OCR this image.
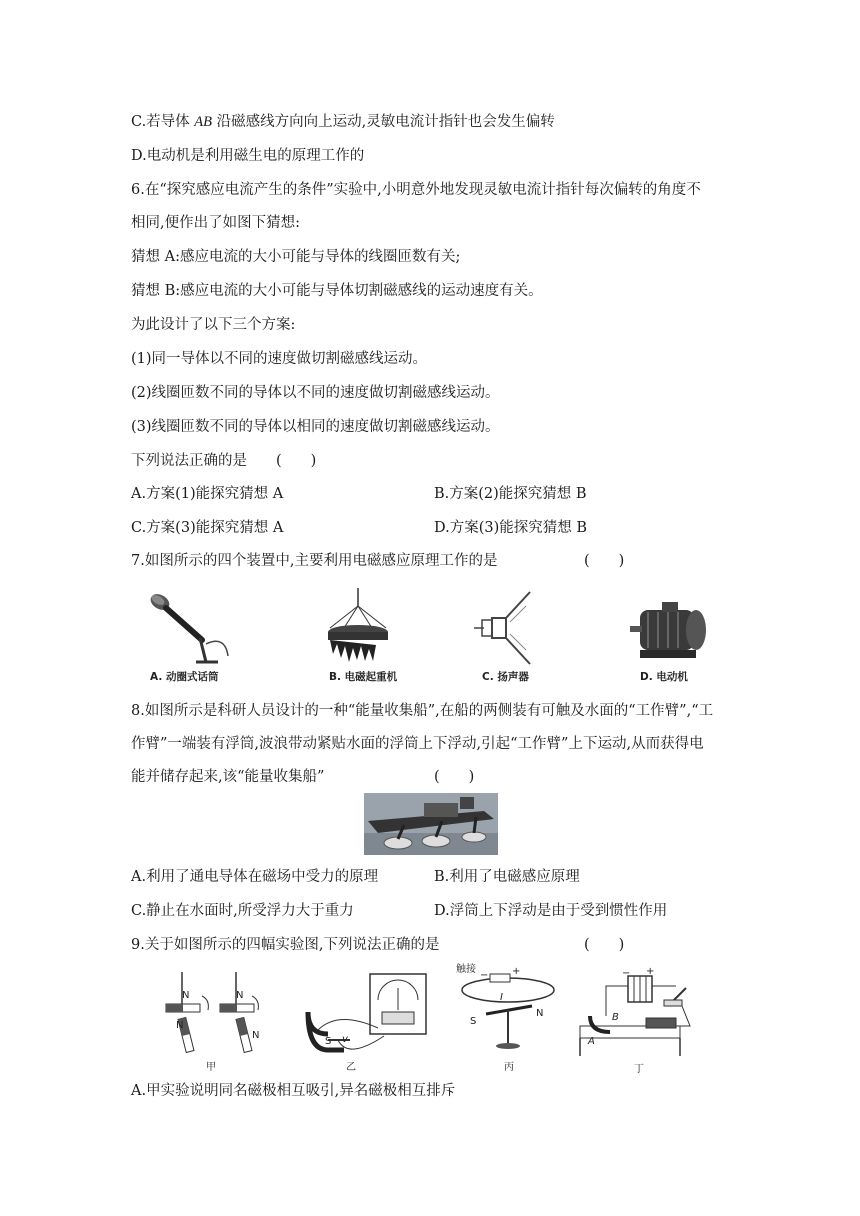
C.若导体 AB 沿磁感线方向向上运动,灵敏电流计指针也会发生偏转
D.电动机是利用磁生电的原理工作的
6.在“探究感应电流产生的条件”实验中,小明意外地发现灵敏电流计指针每次偏转的角度不
相同,便作出了如图下猜想:
猜想 A:感应电流的大小可能与导体的线圈匝数有关;
猜想 B:感应电流的大小可能与导体切割磁感线的运动速度有关。
为此设计了以下三个方案:
(1)同一导体以不同的速度做切割磁感线运动。
(2)线圈匝数不同的导体以不同的速度做切割磁感线运动。
(3)线圈匝数不同的导体以相同的速度做切割磁感线运动。
下列说法正确的是　　(　　)
A.方案(1)能探究猜想 A	B.方案(2)能探究猜想 B
C.方案(3)能探究猜想 A	D.方案(3)能探究猜想 B
7.如图所示的四个装置中,主要利用电磁感应原理工作的是	(　　)
A. 动圈式话筒	B. 电磁起重机	C. 扬声器	D. 电动机
8.如图所示是科研人员设计的一种“能量收集船”,在船的两侧装有可触及水面的“工作臂”,“工
作臂”一端装有浮筒,波浪带动紧贴水面的浮筒上下浮动,引起“工作臂”上下运动,从而获得电
能并储存起来,该“能量收集船”	(　　)
A.利用了通电导体在磁场中受力的原理	B.利用了电磁感应原理
C.静止在水面时,所受浮力大于重力	D.浮筒上下浮动是由于受到惯性作用
9.关于如图所示的四幅实验图,下列说法正确的是	(　　)
N
N
N
N
甲
S v
乙
触接
− +
I
S
N
丙
− +
A
B
丁
A.甲实验说明同名磁极相互吸引,异名磁极相互排斥
